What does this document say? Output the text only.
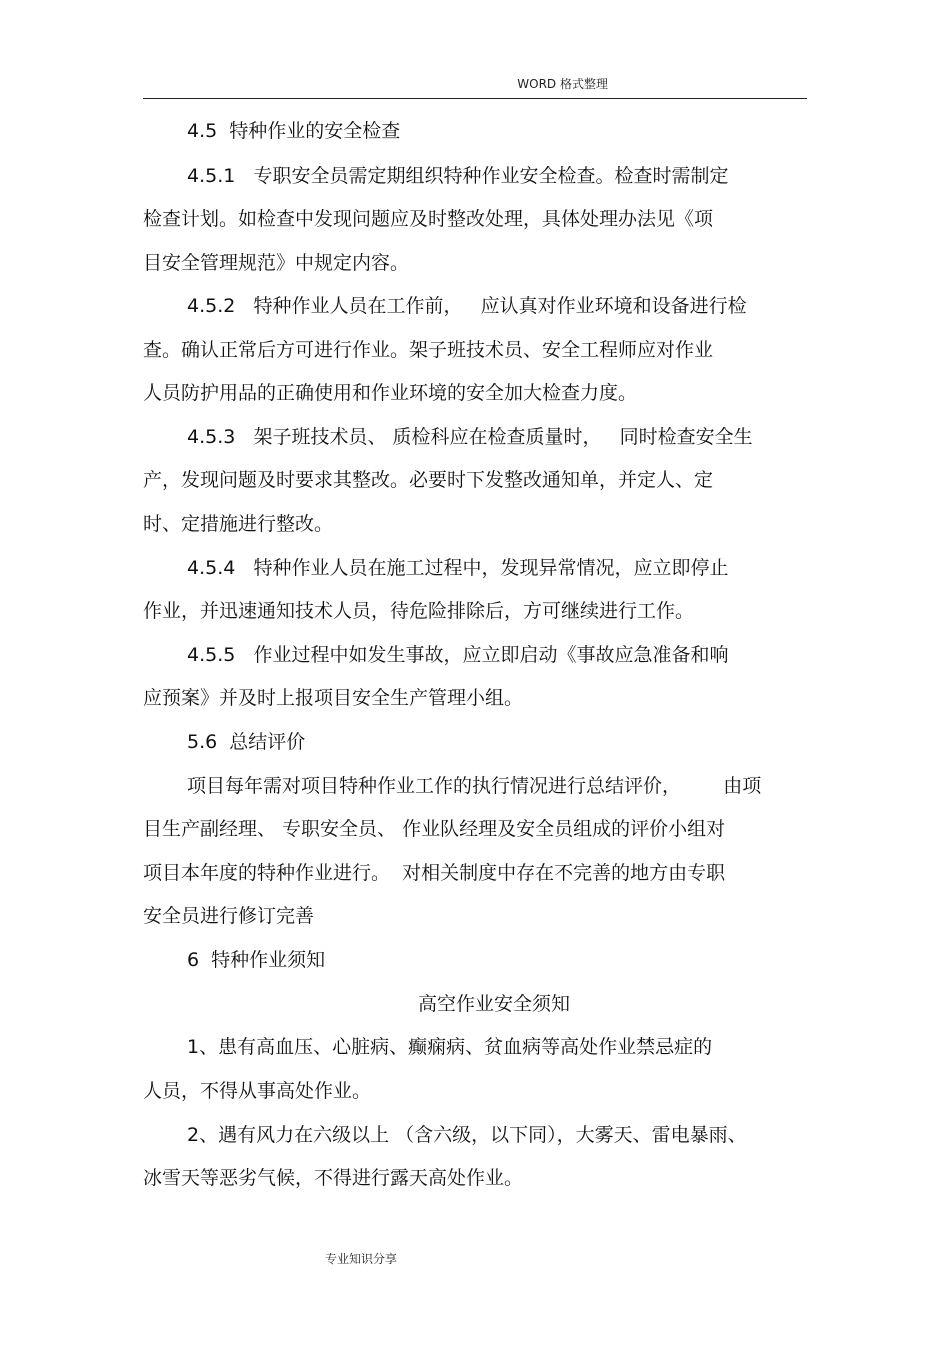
WORD 格式整理
4.5  特种作业的安全检查
4.5.1   专职安全员需定期组织特种作业安全检查。检查时需制定
检查计划。如检查中发现问题应及时整改处理，具体处理办法见《项
目安全管理规范》中规定内容。
4.5.2   特种作业人员在工作前，   应认真对作业环境和设备进行检
查。确认正常后方可进行作业。架子班技术员、安全工程师应对作业
人员防护用品的正确使用和作业环境的安全加大检查力度。
4.5.3   架子班技术员、 质检科应在检查质量时，   同时检查安全生
产，发现问题及时要求其整改。必要时下发整改通知单，并定人、定
时、定措施进行整改。
4.5.4   特种作业人员在施工过程中，发现异常情况，应立即停止
作业，并迅速通知技术人员，待危险排除后，方可继续进行工作。
4.5.5   作业过程中如发生事故，应立即启动《事故应急准备和响
应预案》并及时上报项目安全生产管理小组。
5.6  总结评价
项目每年需对项目特种作业工作的执行情况进行总结评价，       由项
目生产副经理、 专职安全员、 作业队经理及安全员组成的评价小组对
项目本年度的特种作业进行。  对相关制度中存在不完善的地方由专职
安全员进行修订完善
6  特种作业须知
高空作业安全须知
1、患有高血压、心脏病、癫痫病、贫血病等高处作业禁忌症的
人员，不得从事高处作业。
2、遇有风力在六级以上 （含六级，以下同），大雾天、雷电暴雨、
冰雪天等恶劣气候，不得进行露天高处作业。
专业知识分享
